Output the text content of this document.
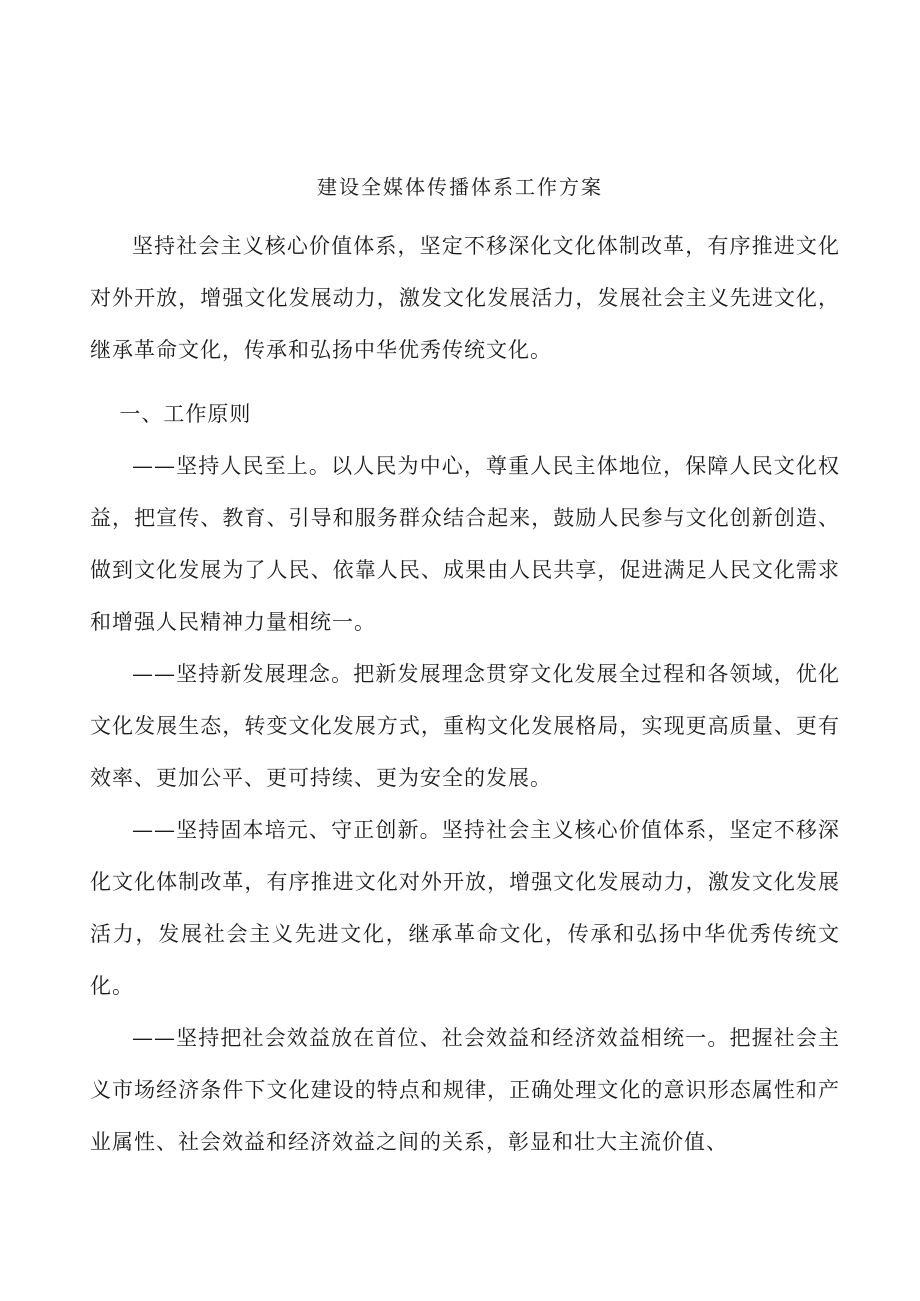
建设全媒体传播体系工作方案

坚持社会主义核心价值体系，坚定不移深化文化体制改革，有序推进文化对外开放，增强文化发展动力，激发文化发展活力，发展社会主义先进文化，继承革命文化，传承和弘扬中华优秀传统文化。

一、工作原则

——坚持人民至上。以人民为中心，尊重人民主体地位，保障人民文化权益，把宣传、教育、引导和服务群众结合起来，鼓励人民参与文化创新创造、做到文化发展为了人民、依靠人民、成果由人民共享，促进满足人民文化需求和增强人民精神力量相统一。

——坚持新发展理念。把新发展理念贯穿文化发展全过程和各领域，优化文化发展生态，转变文化发展方式，重构文化发展格局，实现更高质量、更有效率、更加公平、更可持续、更为安全的发展。

——坚持固本培元、守正创新。坚持社会主义核心价值体系，坚定不移深化文化体制改革，有序推进文化对外开放，增强文化发展动力，激发文化发展活力，发展社会主义先进文化，继承革命文化，传承和弘扬中华优秀传统文化。

——坚持把社会效益放在首位、社会效益和经济效益相统一。把握社会主义市场经济条件下文化建设的特点和规律，正确处理文化的意识形态属性和产业属性、社会效益和经济效益之间的关系，彰显和壮大主流价值、
